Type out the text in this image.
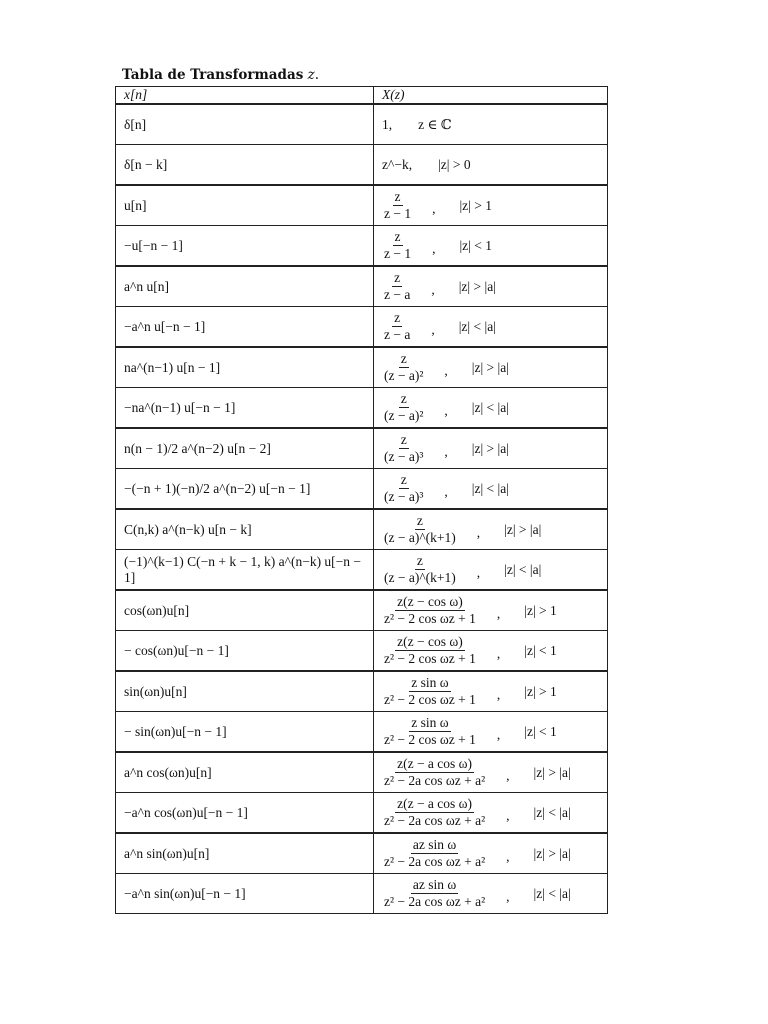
Tabla de Transformadas z.
x[n]	X(z)
δ[n]	1, z ∈ ℂ

δ[n − k]	z^−k, |z| > 0

u[n]	$\frac{z}{z - 1}$ , |z| > 1

−u[−n − 1]	$\frac{z}{z - 1}$ , |z| < 1

a^n u[n]	$\frac{z}{z - a}$ , |z| > |a|

−a^n u[−n − 1]	$\frac{z}{z - a}$ , |z| < |a|

na^(n−1) u[n − 1]	$\frac{z}{\text{(z − a)²}}$ , |z| > |a|

−na^(n−1) u[−n − 1]	$\frac{z}{\text{(z − a)²}}$ , |z| < |a|

n(n − 1)/2 a^(n−2) u[n − 2]	$\frac{z}{\text{(z − a)³}}$ , |z| > |a|

−(−n + 1)(−n)/2 a^(n−2) u[−n − 1]	$\frac{z}{\text{(z − a)³}}$ , |z| < |a|

C(n,k) a^(n−k) u[n − k]	$\frac{z}{(z - a)\^{}(k+1)}$ , |z| > |a|

(−1)^(k−1) C(−n + k − 1, k) a^(n−k) u[−n − 1]	$\frac{z}{(z - a)\^{}(k+1)}$ , |z| < |a|

cos(ωn)u[n]	$\frac{\text{z(z − cos ω)}}{\text{z² − 2 cos ωz + 1}}$ , |z| > 1

− cos(ωn)u[−n − 1]	$\frac{\text{z(z − cos ω)}}{\text{z² − 2 cos ωz + 1}}$ , |z| < 1

sin(ωn)u[n]	$\frac{\text{z sin ω}}{\text{z² − 2 cos ωz + 1}}$ , |z| > 1

− sin(ωn)u[−n − 1]	$\frac{\text{z sin ω}}{\text{z² − 2 cos ωz + 1}}$ , |z| < 1

a^n cos(ωn)u[n]	$\frac{\text{z(z − a cos ω)}}{\text{z² − 2a cos ωz + a²}}$ , |z| > |a|

−a^n cos(ωn)u[−n − 1]	$\frac{\text{z(z − a cos ω)}}{\text{z² − 2a cos ωz + a²}}$ , |z| < |a|

a^n sin(ωn)u[n]	$\frac{\text{az sin ω}}{\text{z² − 2a cos ωz + a²}}$ , |z| > |a|

−a^n sin(ωn)u[−n − 1]	$\frac{\text{az sin ω}}{\text{z² − 2a cos ωz + a²}}$ , |z| < |a|
